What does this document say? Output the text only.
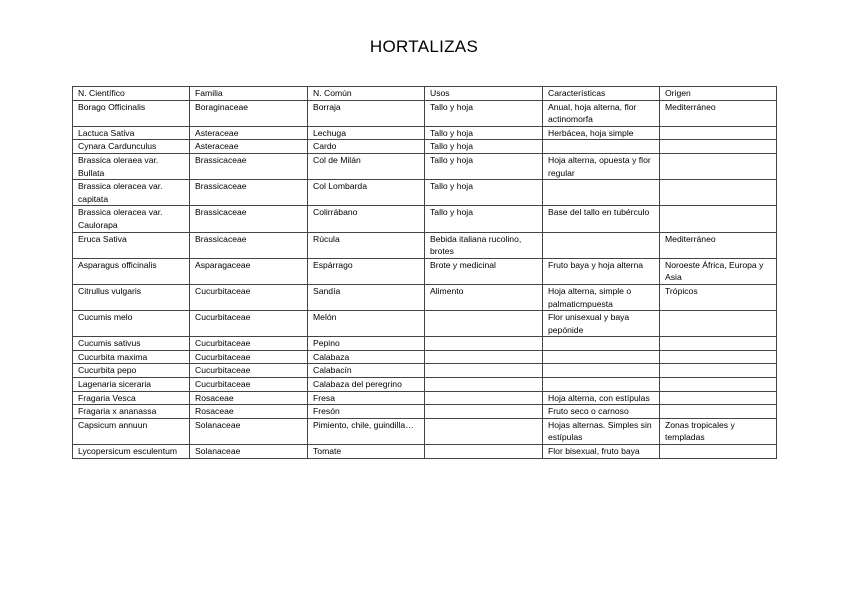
HORTALIZAS
N. Científico	Familia	N. Común	Usos	Características	Origen
Borago Officinalis	Boraginaceae	Borraja	Tallo y hoja	Anual, hoja alterna, flor actinomorfa	Mediterráneo
Lactuca Sativa	Asteraceae	Lechuga	Tallo y hoja	Herbácea, hoja simple	
Cynara Cardunculus	Asteraceae	Cardo	Tallo y hoja		
Brassica oleraea var. Bullata	Brassicaceae	Col de Milán	Tallo y hoja	Hoja alterna, opuesta y flor regular	
Brassica oleracea var. capitata	Brassicaceae	Col Lombarda	Tallo y hoja		
Brassica oleracea var. Caulorapa	Brassicaceae	Colirrábano	Tallo y hoja	Base del tallo en tubérculo	
Eruca Sativa	Brassicaceae	Rúcula	Bebida italiana rucolino, brotes		Mediterráneo
Asparagus officinalis	Asparagaceae	Espárrago	Brote y medicinal	Fruto baya y hoja alterna	Noroeste África, Europa y Asia
Citrullus vulgaris	Cucurbitaceae	Sandía	Alimento	Hoja alterna, simple o palmaticmpuesta	Trópicos
Cucumis melo	Cucurbitaceae	Melón		Flor unisexual y baya pepónide	
Cucumis sativus	Cucurbitaceae	Pepino			
Cucurbita maxima	Cucurbitaceae	Calabaza			
Cucurbita pepo	Cucurbitaceae	Calabacín			
Lagenaria siceraria	Cucurbitaceae	Calabaza del peregrino			
Fragaria Vesca	Rosaceae	Fresa		Hoja alterna, con estípulas	
Fragaria x ananassa	Rosaceae	Fresón		Fruto seco o carnoso	
Capsicum annuun	Solanaceae	Pimiento, chile, guindilla…		Hojas alternas. Simples sin estípulas	Zonas tropicales y templadas
Lycopersicum esculentum	Solanaceae	Tomate		Flor bisexual, fruto baya	
